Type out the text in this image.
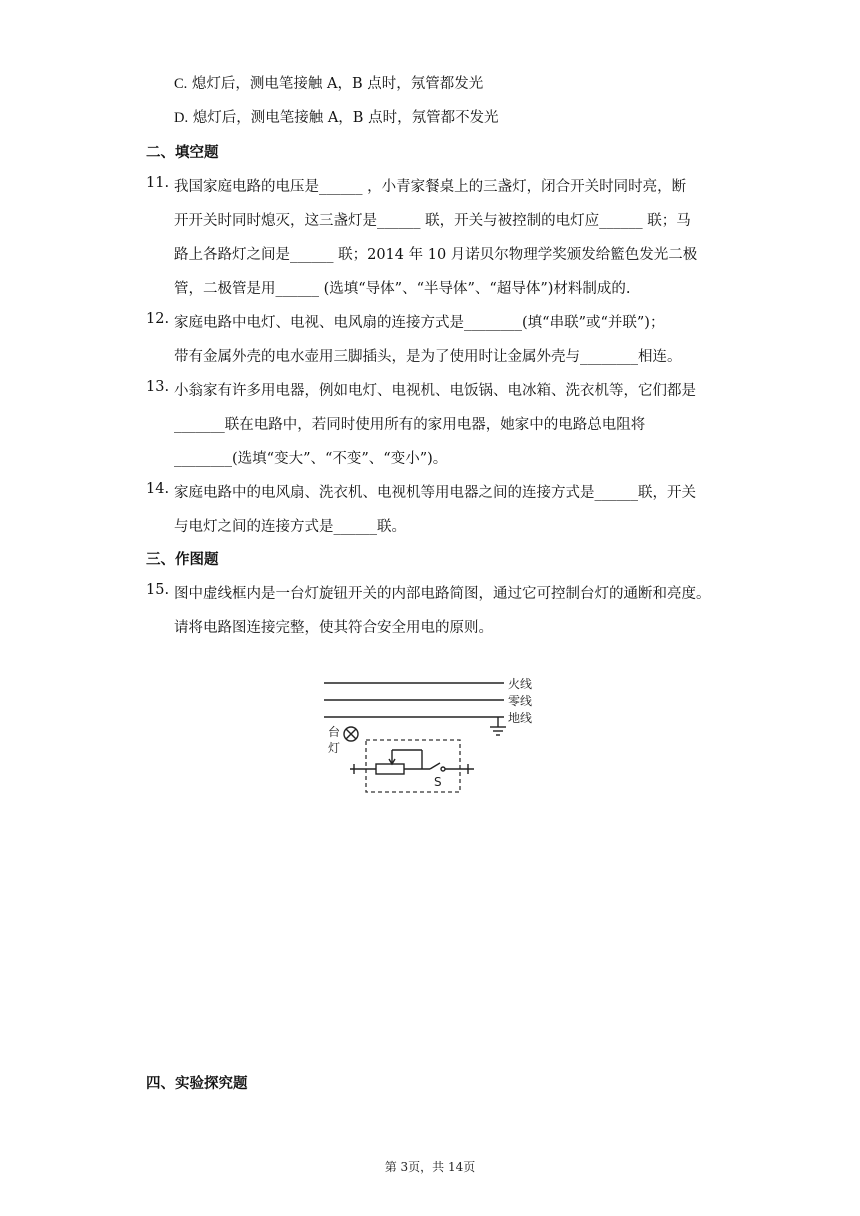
C. 熄灯后，测电笔接触 A，B 点时，氖管都发光
D. 熄灯后，测电笔接触 A，B 点时，氖管都不发光
二、填空题
11. 我国家庭电路的电压是______ ，小青家餐桌上的三盏灯，闭合开关时同时亮，断
开开关时同时熄灭，这三盏灯是______ 联，开关与被控制的电灯应______ 联；马
路上各路灯之间是______ 联；2014 年 10 月诺贝尔物理学奖颁发给籃色发光二极
管，二极管是用______ (选填“导体”、“半导体”、“超导体”)材料制成的.
12. 家庭电路中电灯、电视、电风扇的连接方式是________(填“串联”或“并联”)；
带有金属外壳的电水壶用三脚插头，是为了使用时让金属外壳与________相连。
13. 小翁家有许多用电器，例如电灯、电视机、电饭锅、电冰箱、洗衣机等，它们都是
_______联在电路中，若同时使用所有的家用电器，她家中的电路总电阻将
________(选填“变大”、“不变”、“变小”)。
14. 家庭电路中的电风扇、洗衣机、电视机等用电器之间的连接方式是______联，开关
与电灯之间的连接方式是______联。
三、作图题
15. 图中虚线框内是一台灯旋钮开关的内部电路简图，通过它可控制台灯的通断和亮度。
请将电路图连接完整，使其符合安全用电的原则。
火线
零线
地线
台
灯
S
四、实验探究题
第 3页，共 14页
